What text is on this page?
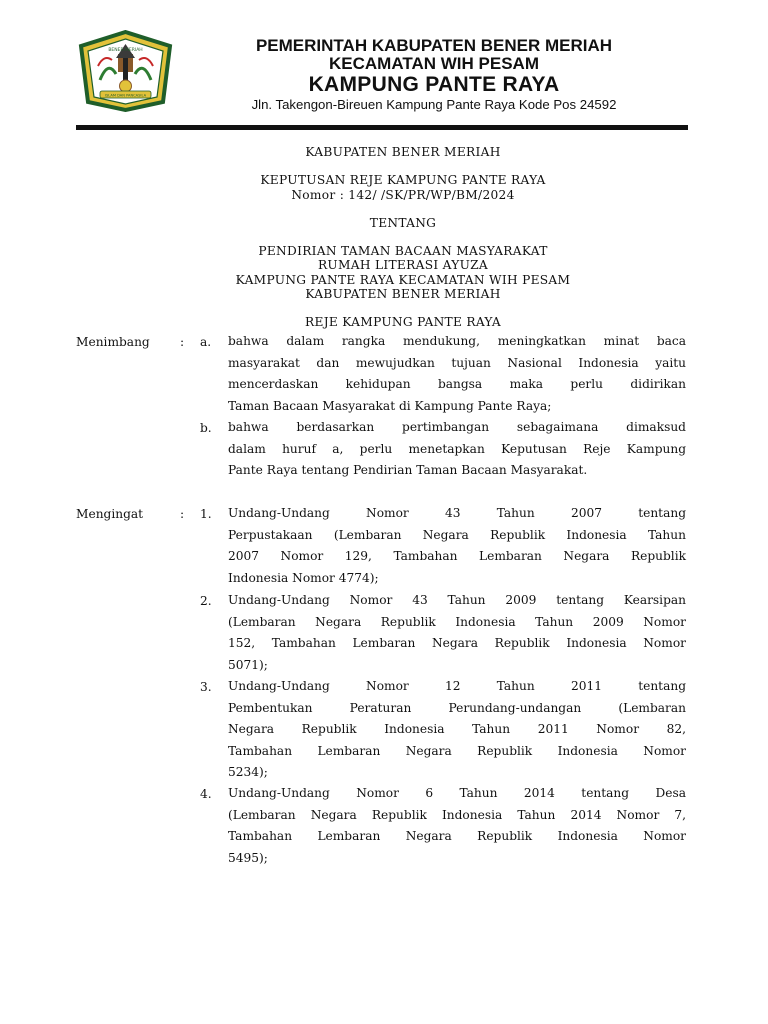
BENER MERIAH
ISLAM DAN PANCASILA
PEMERINTAH KABUPATEN BENER MERIAH
KECAMATAN WIH PESAM
KAMPUNG PANTE RAYA
Jln. Takengon-Bireuen Kampung Pante Raya Kode Pos 24592
KABUPATEN BENER MERIAH
KEPUTUSAN REJE KAMPUNG PANTE RAYA
Nomor : 142/ /SK/PR/WP/BM/2024
TENTANG
PENDIRIAN TAMAN BACAAN MASYARAKAT
RUMAH LITERASI AYUZA
KAMPUNG PANTE RAYA KECAMATAN WIH PESAM
KABUPATEN BENER MERIAH
REJE KAMPUNG PANTE RAYA
Menimbang : a. bahwa dalam rangka mendukung, meningkatkan minat baca
masyarakat dan mewujudkan tujuan Nasional Indonesia yaitu
mencerdaskan kehidupan bangsa maka perlu didirikan
Taman Bacaan Masyarakat di Kampung Pante Raya;
b. bahwa berdasarkan pertimbangan sebagaimana dimaksud
dalam huruf a, perlu menetapkan Keputusan Reje Kampung
Pante Raya tentang Pendirian Taman Bacaan Masyarakat.
Mengingat	: 1. Undang-Undang Nomor 43 Tahun 2007 tentang
Perpustakaan (Lembaran Negara Republik Indonesia Tahun
2007 Nomor 129, Tambahan Lembaran Negara Republik
Indonesia Nomor 4774);
2. Undang-Undang Nomor 43 Tahun 2009 tentang Kearsipan
(Lembaran Negara Republik Indonesia Tahun 2009 Nomor
152, Tambahan Lembaran Negara Republik Indonesia Nomor
5071);
3. Undang-Undang Nomor 12 Tahun 2011 tentang
Pembentukan Peraturan Perundang-undangan (Lembaran
Negara Republik Indonesia Tahun 2011 Nomor 82,
Tambahan Lembaran Negara Republik Indonesia Nomor
5234);
4. Undang-Undang Nomor 6 Tahun 2014 tentang Desa
(Lembaran Negara Republik Indonesia Tahun 2014 Nomor 7,
Tambahan Lembaran Negara Republik Indonesia Nomor
5495);
